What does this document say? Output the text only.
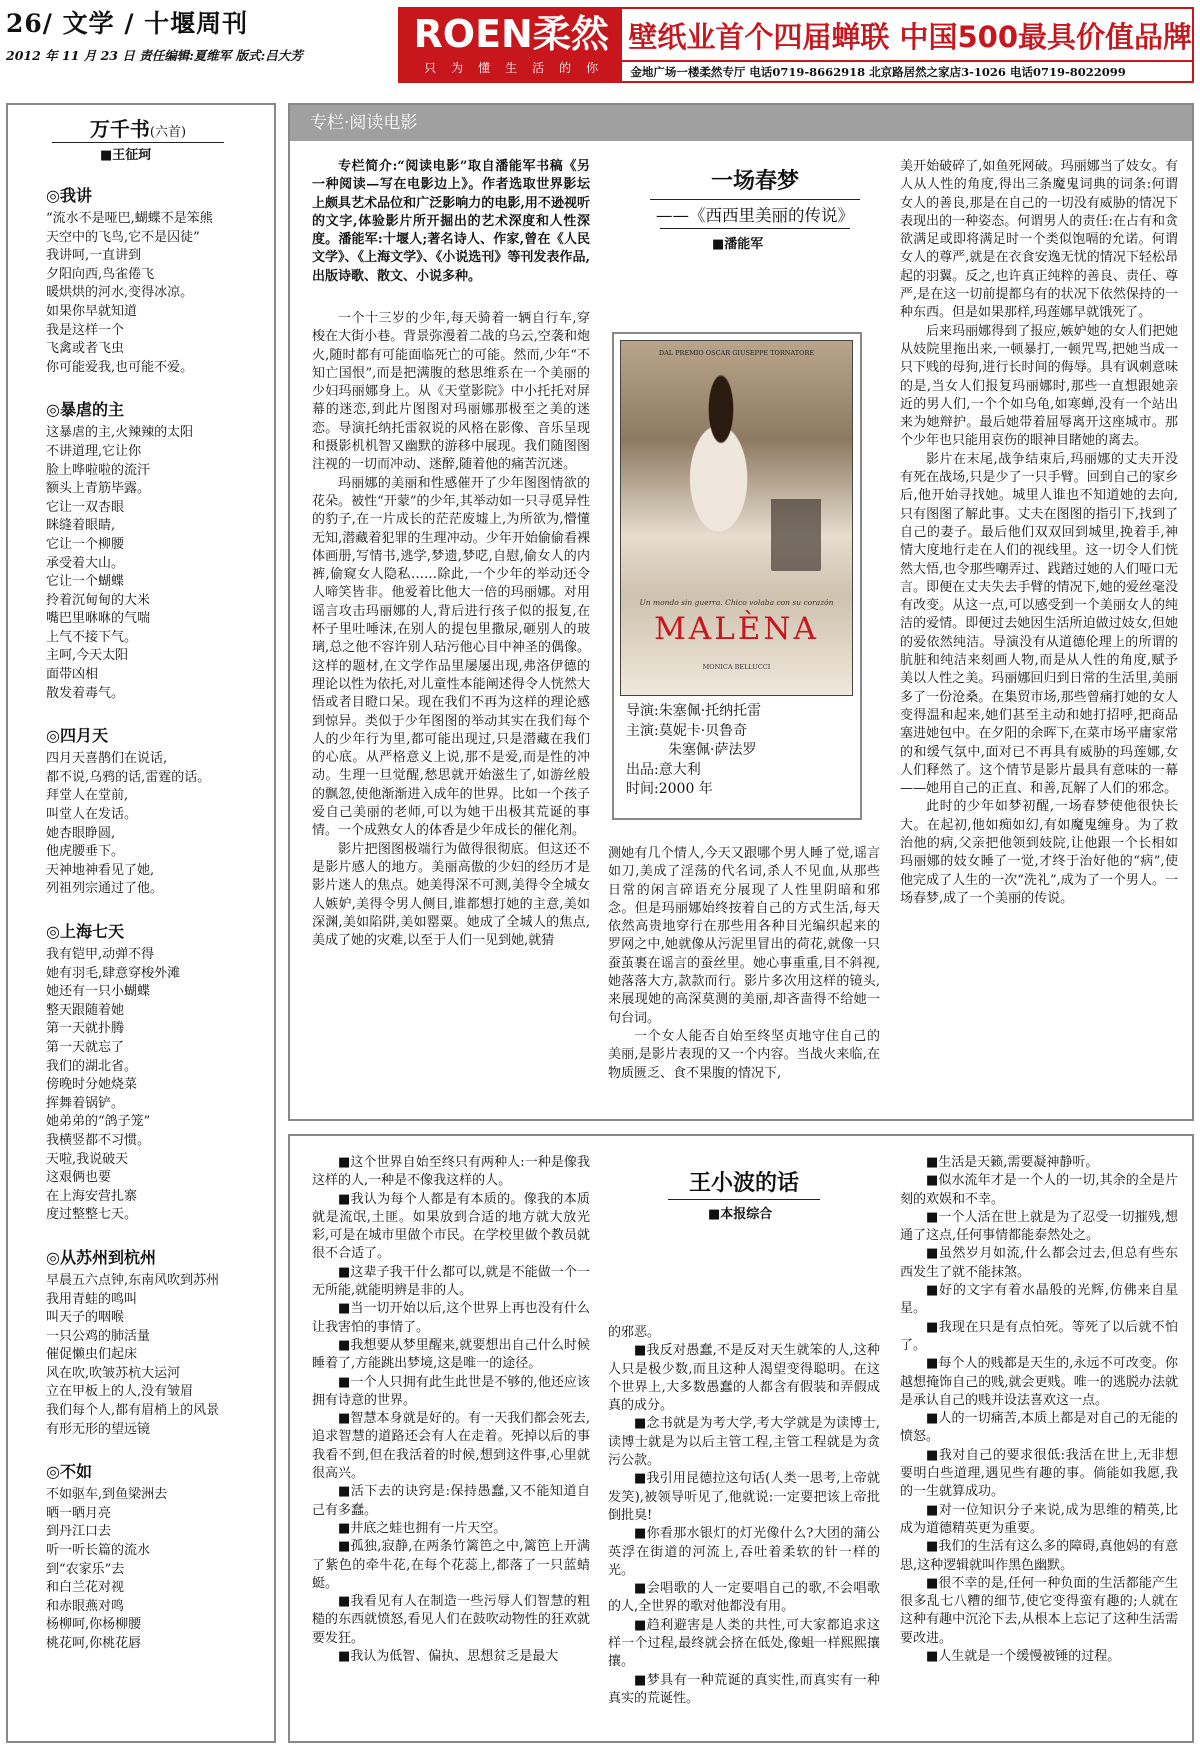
26/ 文学 / 十堰周刊
2012 年 11 月 23 日 责任编辑:夏维军 版式:吕大芳	ROEN柔然
只为懂生活的你
壁纸业首个四届蝉联 中国500最具价值品牌
金地广场一楼柔然专厅 电话0719-8662918 北京路居然之家店3-1026 电话0719-8022099
万千书(六首)
■王征珂
◎我讲
“流水不是哑巴,蝴蝶不是笨熊
天空中的飞鸟,它不是囚徒”
我讲呵,一直讲到
夕阳向西,鸟雀倦飞
暖烘烘的河水,变得冰凉。
如果你早就知道
我是这样一个
飞禽或者飞虫
你可能爱我,也可能不爱。
◎暴虐的主
这暴虐的主,火辣辣的太阳
不讲道理,它让你
脸上哗啦啦的流汗
额头上青筋毕露。
它让一双杏眼
眯缝着眼睛,
它让一个柳腰
承受着大山。
它让一个蝴蝶
拎着沉甸甸的大米
嘴巴里咻咻的气喘
上气不接下气。
主呵,今天太阳
面带凶相
散发着毒气。
◎四月天
四月天喜鹊们在说话,
都不说,乌鸦的话,雷霆的话。
拜堂人在堂前,
叫堂人在发话。
她杏眼睁圆,
他虎腰垂下。
天神地神看见了她,
列祖列宗通过了他。
◎上海七天
我有铠甲,动弹不得
她有羽毛,肆意穿梭外滩
她还有一只小蝴蝶
整天跟随着她
第一天就扑腾
第一天就忘了
我们的湖北省。
傍晚时分她烧菜
挥舞着锅铲。
她弟弟的“鸽子笼”
我横竖都不习惯。
天啦,我说破天
这艰俩也要
在上海安营扎寨
度过整整七天。
◎从苏州到杭州
早晨五六点钟,东南风吹到苏州
我用青蛙的鸣叫
叫天子的咽喉
一只公鸡的肺活量
催促懒虫们起床
风在吹,吹皱苏杭大运河
立在甲板上的人,没有皱眉
我们每个人,都有眉梢上的风景
有形无形的望远镜
◎不如
不如驱车,到鱼梁洲去
晒一晒月亮
到丹江口去
听一听长篇的流水
到“农家乐”去
和白兰花对视
和赤眼燕对鸣
杨柳呵,你杨柳腰
桃花呵,你桃花唇
专栏·阅读电影

专栏简介:“阅读电影”取自潘能军书稿《另一种阅读—写在电影边上》。作者选取世界影坛上颇具艺术品位和广泛影响力的电影,用不逊视听的文字,体验影片所开掘出的艺术深度和人性深度。潘能军:十堰人;著名诗人、作家,曾在《人民文学》、《上海文学》、《小说选刊》等刊发表作品,出版诗歌、散文、小说多种。

一个十三岁的少年,每天骑着一辆自行车,穿梭在大街小巷。背景弥漫着二战的乌云,空袭和炮火,随时都有可能面临死亡的可能。然而,少年“不知亡国恨”,而是把满腹的愁思维系在一个美丽的少妇玛丽娜身上。从《天堂影院》中小托托对屏幕的迷恋,到此片图图对玛丽娜那极至之美的迷恋。导演托纳托雷叙说的风格在影像、音乐呈现和摄影机机智又幽默的游移中展现。我们随图图注视的一切而冲动、迷醉,随着他的痛苦沉迷。

玛丽娜的美丽和性感催开了少年图图情欲的花朵。被性“开蒙”的少年,其举动如一只寻觅异性的豹子,在一片成长的茫茫废墟上,为所欲为,懵懂无知,潜藏着犯罪的生理冲动。少年开始偷偷看裸体画册,写情书,逃学,梦遗,梦呓,自慰,偷女人的内裤,偷窥女人隐私……除此,一个少年的举动还令人啼笑皆非。他爱着比他大一倍的玛丽娜。对用谣言攻击玛丽娜的人,背后进行孩子似的报复,在杯子里吐唾沫,在别人的提包里撒尿,砸别人的玻璃,总之他不容许别人玷污他心目中神圣的偶像。这样的题材,在文学作品里屡屡出现,弗洛伊德的理论以性为依托,对儿童性本能阐述得令人恍然大悟或者目瞪口呆。现在我们不再为这样的理论感到惊异。类似于少年图图的举动其实在我们每个人的少年行为里,都可能出现过,只是潜藏在我们的心底。从严格意义上说,那不是爱,而是性的冲动。生理一旦觉醒,愁思就开始滋生了,如游丝般的飘忽,使他渐渐进入成年的世界。比如一个孩子爱自己美丽的老师,可以为她干出极其荒诞的事情。一个成熟女人的体香是少年成长的催化剂。

影片把图图极端行为做得很彻底。但这还不是影片感人的地方。美丽高傲的少妇的经历才是影片迷人的焦点。她美得深不可测,美得令全城女人嫉妒,美得令男人侧目,谁都想打她的主意,美如深渊,美如陷阱,美如罂粟。她成了全城人的焦点,美成了她的灾难,以至于人们一见到她,就猜

一场春梦
——《西西里美丽的传说》
■潘能军
DAL PREMIO OSCAR GIUSEPPE TORNATORE
Un mondo sin guerra. Chico volaba con su corazón
MALÈNA
MONICA BELLUCCI
导演:朱塞佩·托纳托雷
主演:莫妮卡·贝鲁奇
　　　朱塞佩·萨法罗
出品:意大利
时间:2000 年

测她有几个情人,今天又跟哪个男人睡了觉,谣言如刀,美成了淫荡的代名词,杀人不见血,从那些日常的闲言碎语充分展现了人性里阴暗和邪念。但是玛丽娜始终按着自己的方式生活,每天依然高贵地穿行在那些用各种目光编织起来的罗网之中,她就像从污泥里冒出的荷花,就像一只蚕茧裹在谣言的蚕丝里。她心事重重,目不斜视,她落落大方,款款而行。影片多次用这样的镜头,来展现她的高深莫测的美丽,却吝啬得不给她一句台词。

一个女人能否自始至终坚贞地守住自己的美丽,是影片表现的又一个内容。当战火来临,在物质匮乏、食不果腹的情况下,

美开始破碎了,如鱼死网破。玛丽娜当了妓女。有人从人性的角度,得出三条魔鬼词典的词条:何谓女人的善良,那是在自己的一切没有威胁的情况下表现出的一种姿态。何谓男人的责任:在占有和贪欲满足或即将满足时一个类似饱嗝的允诺。何谓女人的尊严,就是在衣食安逸无忧的情况下轻松昂起的羽翼。反之,也许真正纯粹的善良、责任、尊严,是在这一切前提都乌有的状况下依然保持的一种东西。但是如果那样,玛莲娜早就饿死了。

后来玛丽娜得到了报应,嫉妒她的女人们把她从妓院里拖出来,一顿暴打,一顿咒骂,把她当成一只下贱的母狗,进行长时间的侮辱。具有讽刺意味的是,当女人们报复玛丽娜时,那些一直想跟她亲近的男人们,一个个如乌龟,如寒蝉,没有一个站出来为她辩护。最后她带着屈辱离开这座城市。那个少年也只能用哀伤的眼神目睹她的离去。

影片在末尾,战争结束后,玛丽娜的丈夫开没有死在战场,只是少了一只手臂。回到自己的家乡后,他开始寻找她。城里人谁也不知道她的去向,只有图图了解此事。丈夫在图图的指引下,找到了自己的妻子。最后他们双双回到城里,挽着手,神情大度地行走在人们的视线里。这一切令人们恍然大悟,也令那些嘲弄过、践踏过她的人们哑口无言。即便在丈夫失去手臂的情况下,她的爱丝毫没有改变。从这一点,可以感受到一个美丽女人的纯洁的爱情。即便过去她因生活所迫做过妓女,但她的爱依然纯洁。导演没有从道德伦理上的所谓的肮脏和纯洁来刻画人物,而是从人性的角度,赋予美以人性之美。玛丽娜回归到日常的生活里,美丽多了一份沧桑。在集贸市场,那些曾痛打她的女人变得温和起来,她们甚至主动和她打招呼,把商品塞进她包中。在夕阳的余晖下,在菜市场平庸家常的和缓气氛中,面对已不再具有威胁的玛莲娜,女人们释然了。这个情节是影片最具有意味的一幕——她用自己的正直、和善,瓦解了人们的邪念。

此时的少年如梦初醒,一场春梦使他很快长大。在起初,他如痴如幻,有如魔鬼缠身。为了救治他的病,父亲把他领到妓院,让他跟一个长相如玛丽娜的妓女睡了一觉,才终于治好他的“病”,使他完成了人生的一次“洗礼”,成为了一个男人。一场春梦,成了一个美丽的传说。

■这个世界自始至终只有两种人:一种是像我这样的人,一种是不像我这样的人。

■我认为每个人都是有本质的。像我的本质就是流氓,土匪。如果放到合适的地方就大放光彩,可是在城市里做个市民。在学校里做个教员就很不合适了。

■这辈子我干什么都可以,就是不能做一个一无所能,就能明辨是非的人。

■当一切开始以后,这个世界上再也没有什么让我害怕的事情了。

■我想要从梦里醒来,就要想出自己什么时候睡着了,方能跳出梦境,这是唯一的途径。

■一个人只拥有此生此世是不够的,他还应该拥有诗意的世界。

■智慧本身就是好的。有一天我们都会死去,追求智慧的道路还会有人在走着。死掉以后的事我看不到,但在我活着的时候,想到这件事,心里就很高兴。

■活下去的诀窍是:保持愚蠢,又不能知道自己有多蠢。

■井底之蛙也拥有一片天空。

■孤独,寂静,在两条竹篱笆之中,篱笆上开满了紫色的牵牛花,在每个花蕊上,都落了一只蓝蜻蜓。

■我看见有人在制造一些污辱人们智慧的粗糙的东西就愤怒,看见人们在鼓吹动物性的狂欢就要发狂。

■我认为低智、偏执、思想贫乏是最大

王小波的话
■本报综合

的邪恶。

■我反对愚蠢,不是反对天生就笨的人,这种人只是极少数,而且这种人渴望变得聪明。在这个世界上,大多数愚蠢的人都含有假装和弄假成真的成分。

■念书就是为考大学,考大学就是为读博士,读博士就是为以后主管工程,主管工程就是为贪污公款。

■我引用昆德拉这句话(人类一思考,上帝就发笑),被领导听见了,他就说:一定要把该上帝批倒批臭!

■你看那水银灯的灯光像什么?大团的蒲公英浮在街道的河流上,吞吐着柔软的针一样的光。

■会唱歌的人一定要唱自己的歌,不会唱歌的人,全世界的歌对他都没有用。

■趋利避害是人类的共性,可大家都追求这样一个过程,最终就会挤在低处,像蛆一样熙熙攘攘。

■梦具有一种荒诞的真实性,而真实有一种真实的荒诞性。

■生活是天籁,需要凝神静听。

■似水流年才是一个人的一切,其余的全是片刻的欢娱和不幸。

■一个人活在世上就是为了忍受一切摧残,想通了这点,任何事情都能泰然处之。

■虽然岁月如流,什么都会过去,但总有些东西发生了就不能抹煞。

■好的文字有着水晶般的光辉,仿佛来自星星。

■我现在只是有点怕死。等死了以后就不怕了。

■每个人的贱都是天生的,永远不可改变。你越想掩饰自己的贱,就会更贱。唯一的逃脱办法就是承认自己的贱并设法喜欢这一点。

■人的一切痛苦,本质上都是对自己的无能的愤怒。

■我对自己的要求很低:我活在世上,无非想要明白些道理,遇见些有趣的事。倘能如我愿,我的一生就算成功。

■对一位知识分子来说,成为思维的精英,比成为道德精英更为重要。

■我们的生活有这么多的障碍,真他妈的有意思,这种逻辑就叫作黑色幽默。

■很不幸的是,任何一种负面的生活都能产生很多乱七八糟的细节,使它变得蛮有趣的;人就在这种有趣中沉沦下去,从根本上忘记了这种生活需要改进。

■人生就是一个缓慢被锤的过程。
